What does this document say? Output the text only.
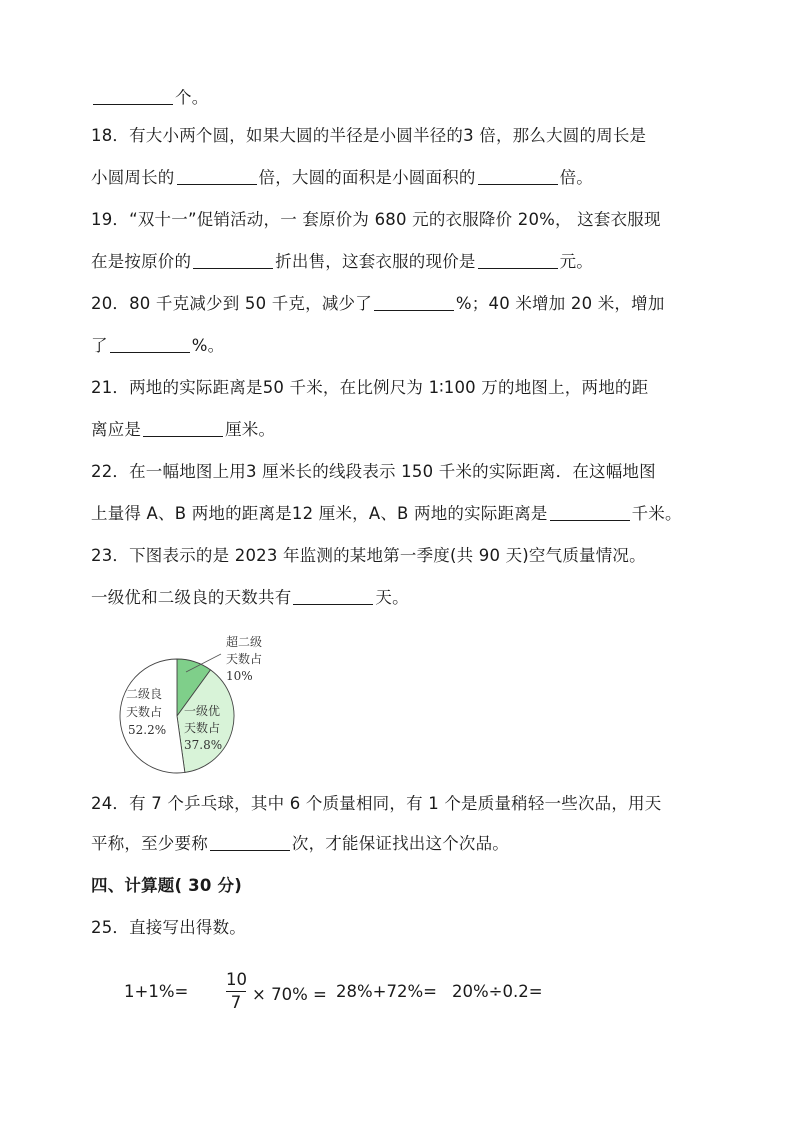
个。
18．有大小两个圆，如果大圆的半径是小圆半径的3 倍，那么大圆的周长是
小圆周长的	倍，大圆的面积是小圆面积的	倍。
19．“双十一”促销活动，一 套原价为 680 元的衣服降价 20%， 这套衣服现
在是按原价的	折出售，这套衣服的现价是	元。
20．80 千克减少到 50 千克，减少了	%；40 米增加 20 米，增加
了	%。
21．两地的实际距离是50 千米，在比例尺为 1∶100 万的地图上，两地的距
离应是	厘米。
22．在一幅地图上用3 厘米长的线段表示 150 千米的实际距离．在这幅地图
上量得 A、B 两地的距离是12 厘米，A、B 两地的实际距离是	千米。
23．下图表示的是 2023 年监测的某地第一季度(共 90 天)空气质量情况。
一级优和二级良的天数共有	天。
超二级
天数占
10%
一级优
天数占
37.8%
二级良
天数占
52.2%
24．有 7 个乒乓球，其中 6 个质量相同，有 1 个是质量稍轻一些次品，用天
平称，至少要称	次，才能保证找出这个次品。
四、计算题( 30 分)
25．直接写出得数。
1+1%=
10
7 × 70% = 28%+72%= 20%÷0.2=
